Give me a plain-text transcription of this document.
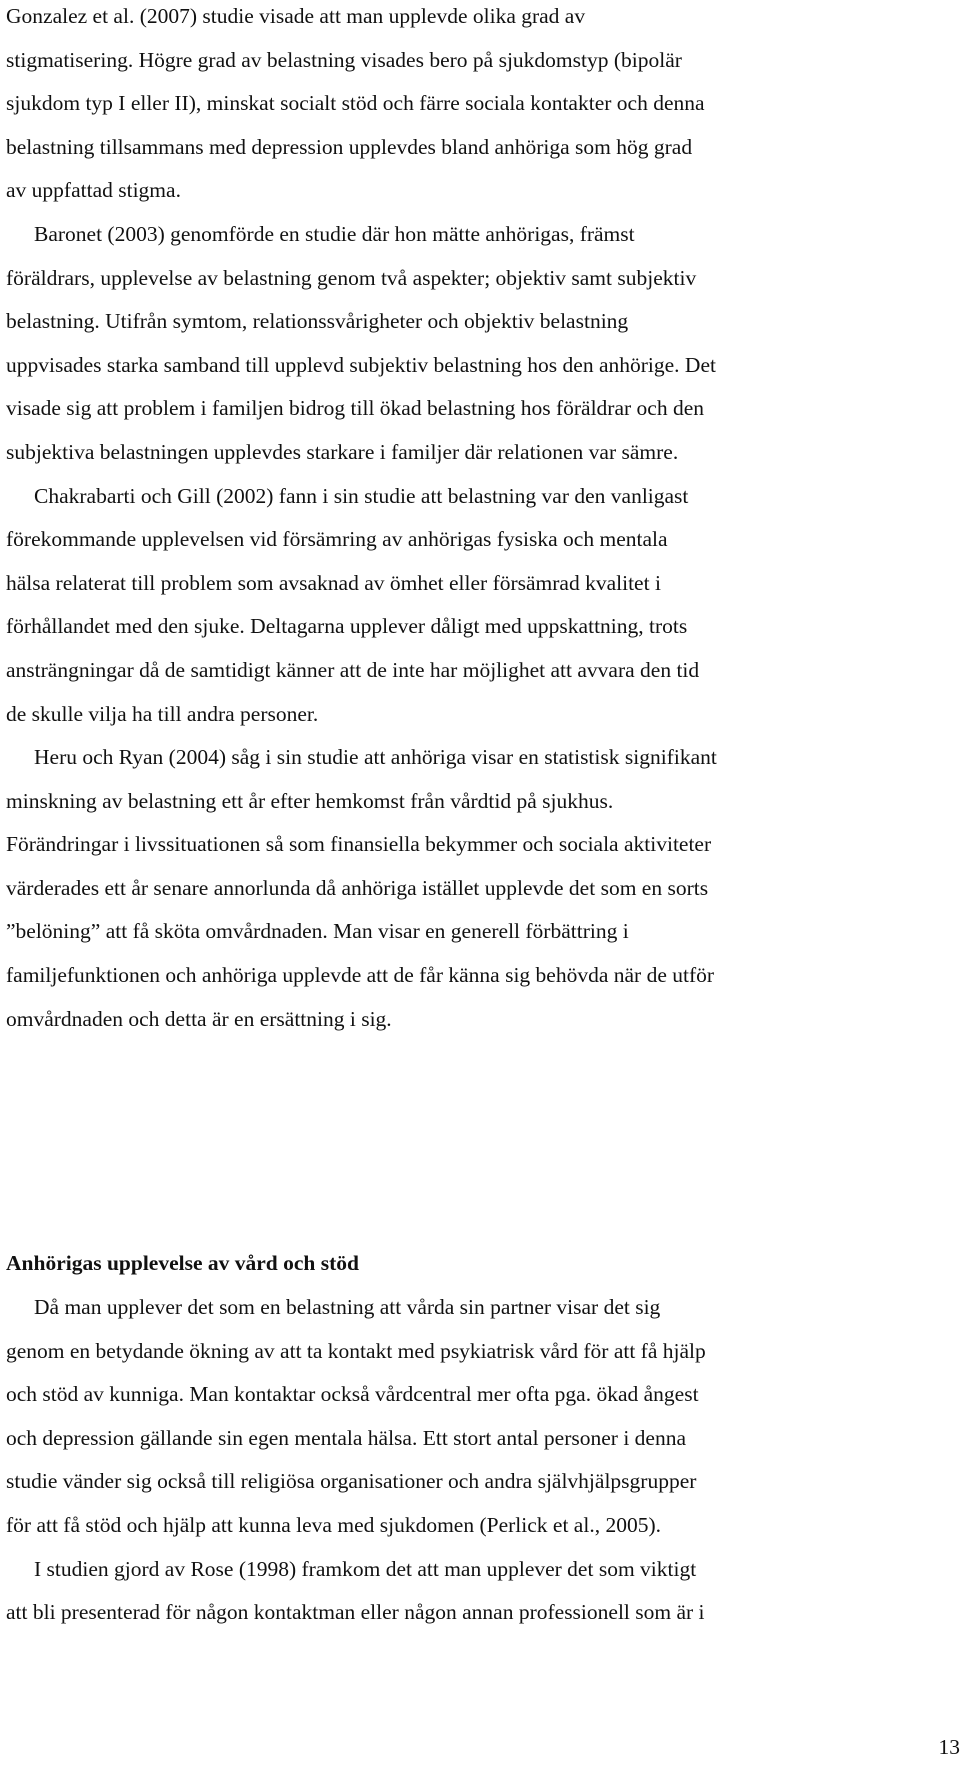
Gonzalez et al. (2007) studie visade att man upplevde olika grad av

stigmatisering. Högre grad av belastning visades bero på sjukdomstyp (bipolär

sjukdom typ I eller II), minskat socialt stöd och färre sociala kontakter och denna

belastning tillsammans med depression upplevdes bland anhöriga som hög grad

av uppfattad stigma.

Baronet (2003) genomförde en studie där hon mätte anhörigas, främst

föräldrars, upplevelse av belastning genom två aspekter; objektiv samt subjektiv

belastning. Utifrån symtom, relationssvårigheter och objektiv belastning

uppvisades starka samband till upplevd subjektiv belastning hos den anhörige. Det

visade sig att problem i familjen bidrog till ökad belastning hos föräldrar och den

subjektiva belastningen upplevdes starkare i familjer där relationen var sämre.

Chakrabarti och Gill (2002) fann i sin studie att belastning var den vanligast

förekommande upplevelsen vid försämring av anhörigas fysiska och mentala

hälsa relaterat till problem som avsaknad av ömhet eller försämrad kvalitet i

förhållandet med den sjuke. Deltagarna upplever dåligt med uppskattning, trots

ansträngningar då de samtidigt känner att de inte har möjlighet att avvara den tid

de skulle vilja ha till andra personer.

Heru och Ryan (2004) såg i sin studie att anhöriga visar en statistisk signifikant

minskning av belastning ett år efter hemkomst från vårdtid på sjukhus.

Förändringar i livssituationen så som finansiella bekymmer och sociala aktiviteter

värderades ett år senare annorlunda då anhöriga istället upplevde det som en sorts

”belöning” att få sköta omvårdnaden. Man visar en generell förbättring i

familjefunktionen och anhöriga upplevde att de får känna sig behövda när de utför

omvårdnaden och detta är en ersättning i sig.

Anhörigas upplevelse av vård och stöd

Då man upplever det som en belastning att vårda sin partner visar det sig

genom en betydande ökning av att ta kontakt med psykiatrisk vård för att få hjälp

och stöd av kunniga. Man kontaktar också vårdcentral mer ofta pga. ökad ångest

och depression gällande sin egen mentala hälsa. Ett stort antal personer i denna

studie vänder sig också till religiösa organisationer och andra självhjälpsgrupper

för att få stöd och hjälp att kunna leva med sjukdomen (Perlick et al., 2005).

I studien gjord av Rose (1998) framkom det att man upplever det som viktigt

att bli presenterad för någon kontaktman eller någon annan professionell som är i

13
